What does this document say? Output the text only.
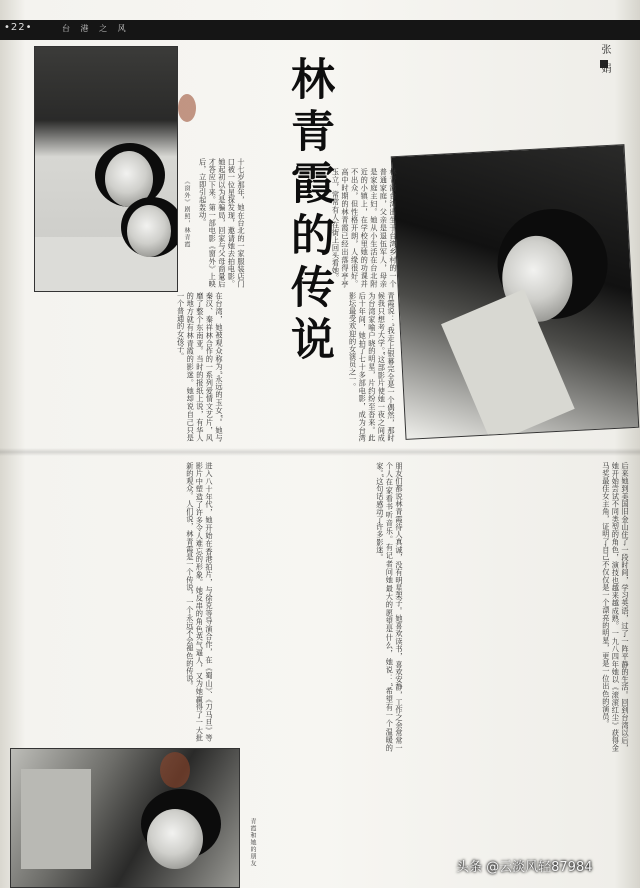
•22•	台 港 之 风
张 娟
林青霞的传说	林青霞台湾出生于台湾乡村的一个普通家庭，父亲是退伍军人，母亲是家庭主妇。她从小生活在台北附近的小镇上，在学校里她的功课并不出众，但性格开朗，人缘很好。高中时期的林青霞已经出落得亭亭玉立，常常有人在街上回头看她。
十七岁那年，她在台北的一家服装店门口被一位星探发现，邀请她去拍电影。她起初以为是骗局，回家与父母商量后才答应下来。第一部电影《窗外》上映后，立即引起轰动。
青霞说：“我走上银幕完全是一个偶然，那时候我只想考大学。”这部影片使她一夜之间成为台湾家喻户晓的明星，片约纷至沓来。此后十年间，她拍了七十多部电影，成为台湾影坛最受欢迎的女演员之一。
在台湾，她被观众称为“永远的玉女”。她与秦汉、秦祥林合作的一系列爱情文艺片，风靡了整个东南亚。当时的报纸上说，有华人的地方就有林青霞的影迷。她却说自己只是一个普通的女孩子。
《窗外》剧照，林青霞
后来她到美国旧金山住了一段时间，学习英语，过了一阵平静的生活。回到台湾以后，她开始尝试不同类型的角色，演技也越来越成熟。一九八四年她以《滚滚红尘》获得金马奖最佳女主角，证明了自己不仅仅是一个漂亮的明星，更是一位出色的演员。
朋友们都说林青霞待人真诚，没有明星架子。她喜欢读书，喜欢安静，工作之余常常一个人在家看书听音乐。有记者问她最大的愿望是什么，她说：“希望有一个温暖的家。”这句话感动了许多影迷。
进入八十年代，她开始在香港拍片，与徐克等导演合作，在《蜀山》、《刀马旦》等影片中塑造了许多令人难忘的形象。她反串的角色英气逼人，又为她赢得了一大批新的观众。人们说，林青霞是一个传说，一个永远不会褪色的传说。
青霞和她的朋友
头条 @云淡风轻87984
